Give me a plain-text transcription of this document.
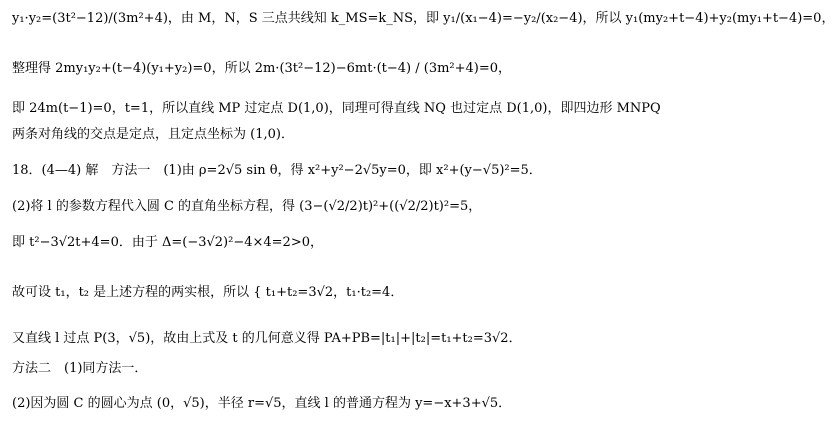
y₁·y₂=(3t²−12)/(3m²+4)，由 M，N，S 三点共线知 k_MS=k_NS，即 y₁/(x₁−4)=−y₂/(x₂−4)，所以 y₁(my₂+t−4)+y₂(my₁+t−4)=0，
整理得 2my₁y₂+(t−4)(y₁+y₂)=0，所以 2m·(3t²−12)−6mt·(t−4) / (3m²+4)=0，
即 24m(t−1)=0，t=1，所以直线 MP 过定点 D(1,0)，同理可得直线 NQ 也过定点 D(1,0)，即四边形 MNPQ
两条对角线的交点是定点，且定点坐标为 (1,0)．
18．(4—4) 解　方法一　(1)由 ρ=2√5 sin θ，得 x²+y²−2√5y=0，即 x²+(y−√5)²=5．
(2)将 l 的参数方程代入圆 C 的直角坐标方程，得 (3−(√2/2)t)²+((√2/2)t)²=5，
即 t²−3√2t+4=0．由于 Δ=(−3√2)²−4×4=2>0，
故可设 t₁，t₂ 是上述方程的两实根，所以 { t₁+t₂=3√2，t₁·t₂=4．
又直线 l 过点 P(3，√5)，故由上式及 t 的几何意义得 PA+PB=|t₁|+|t₂|=t₁+t₂=3√2．
方法二　(1)同方法一．
(2)因为圆 C 的圆心为点 (0，√5)，半径 r=√5，直线 l 的普通方程为 y=−x+3+√5．
